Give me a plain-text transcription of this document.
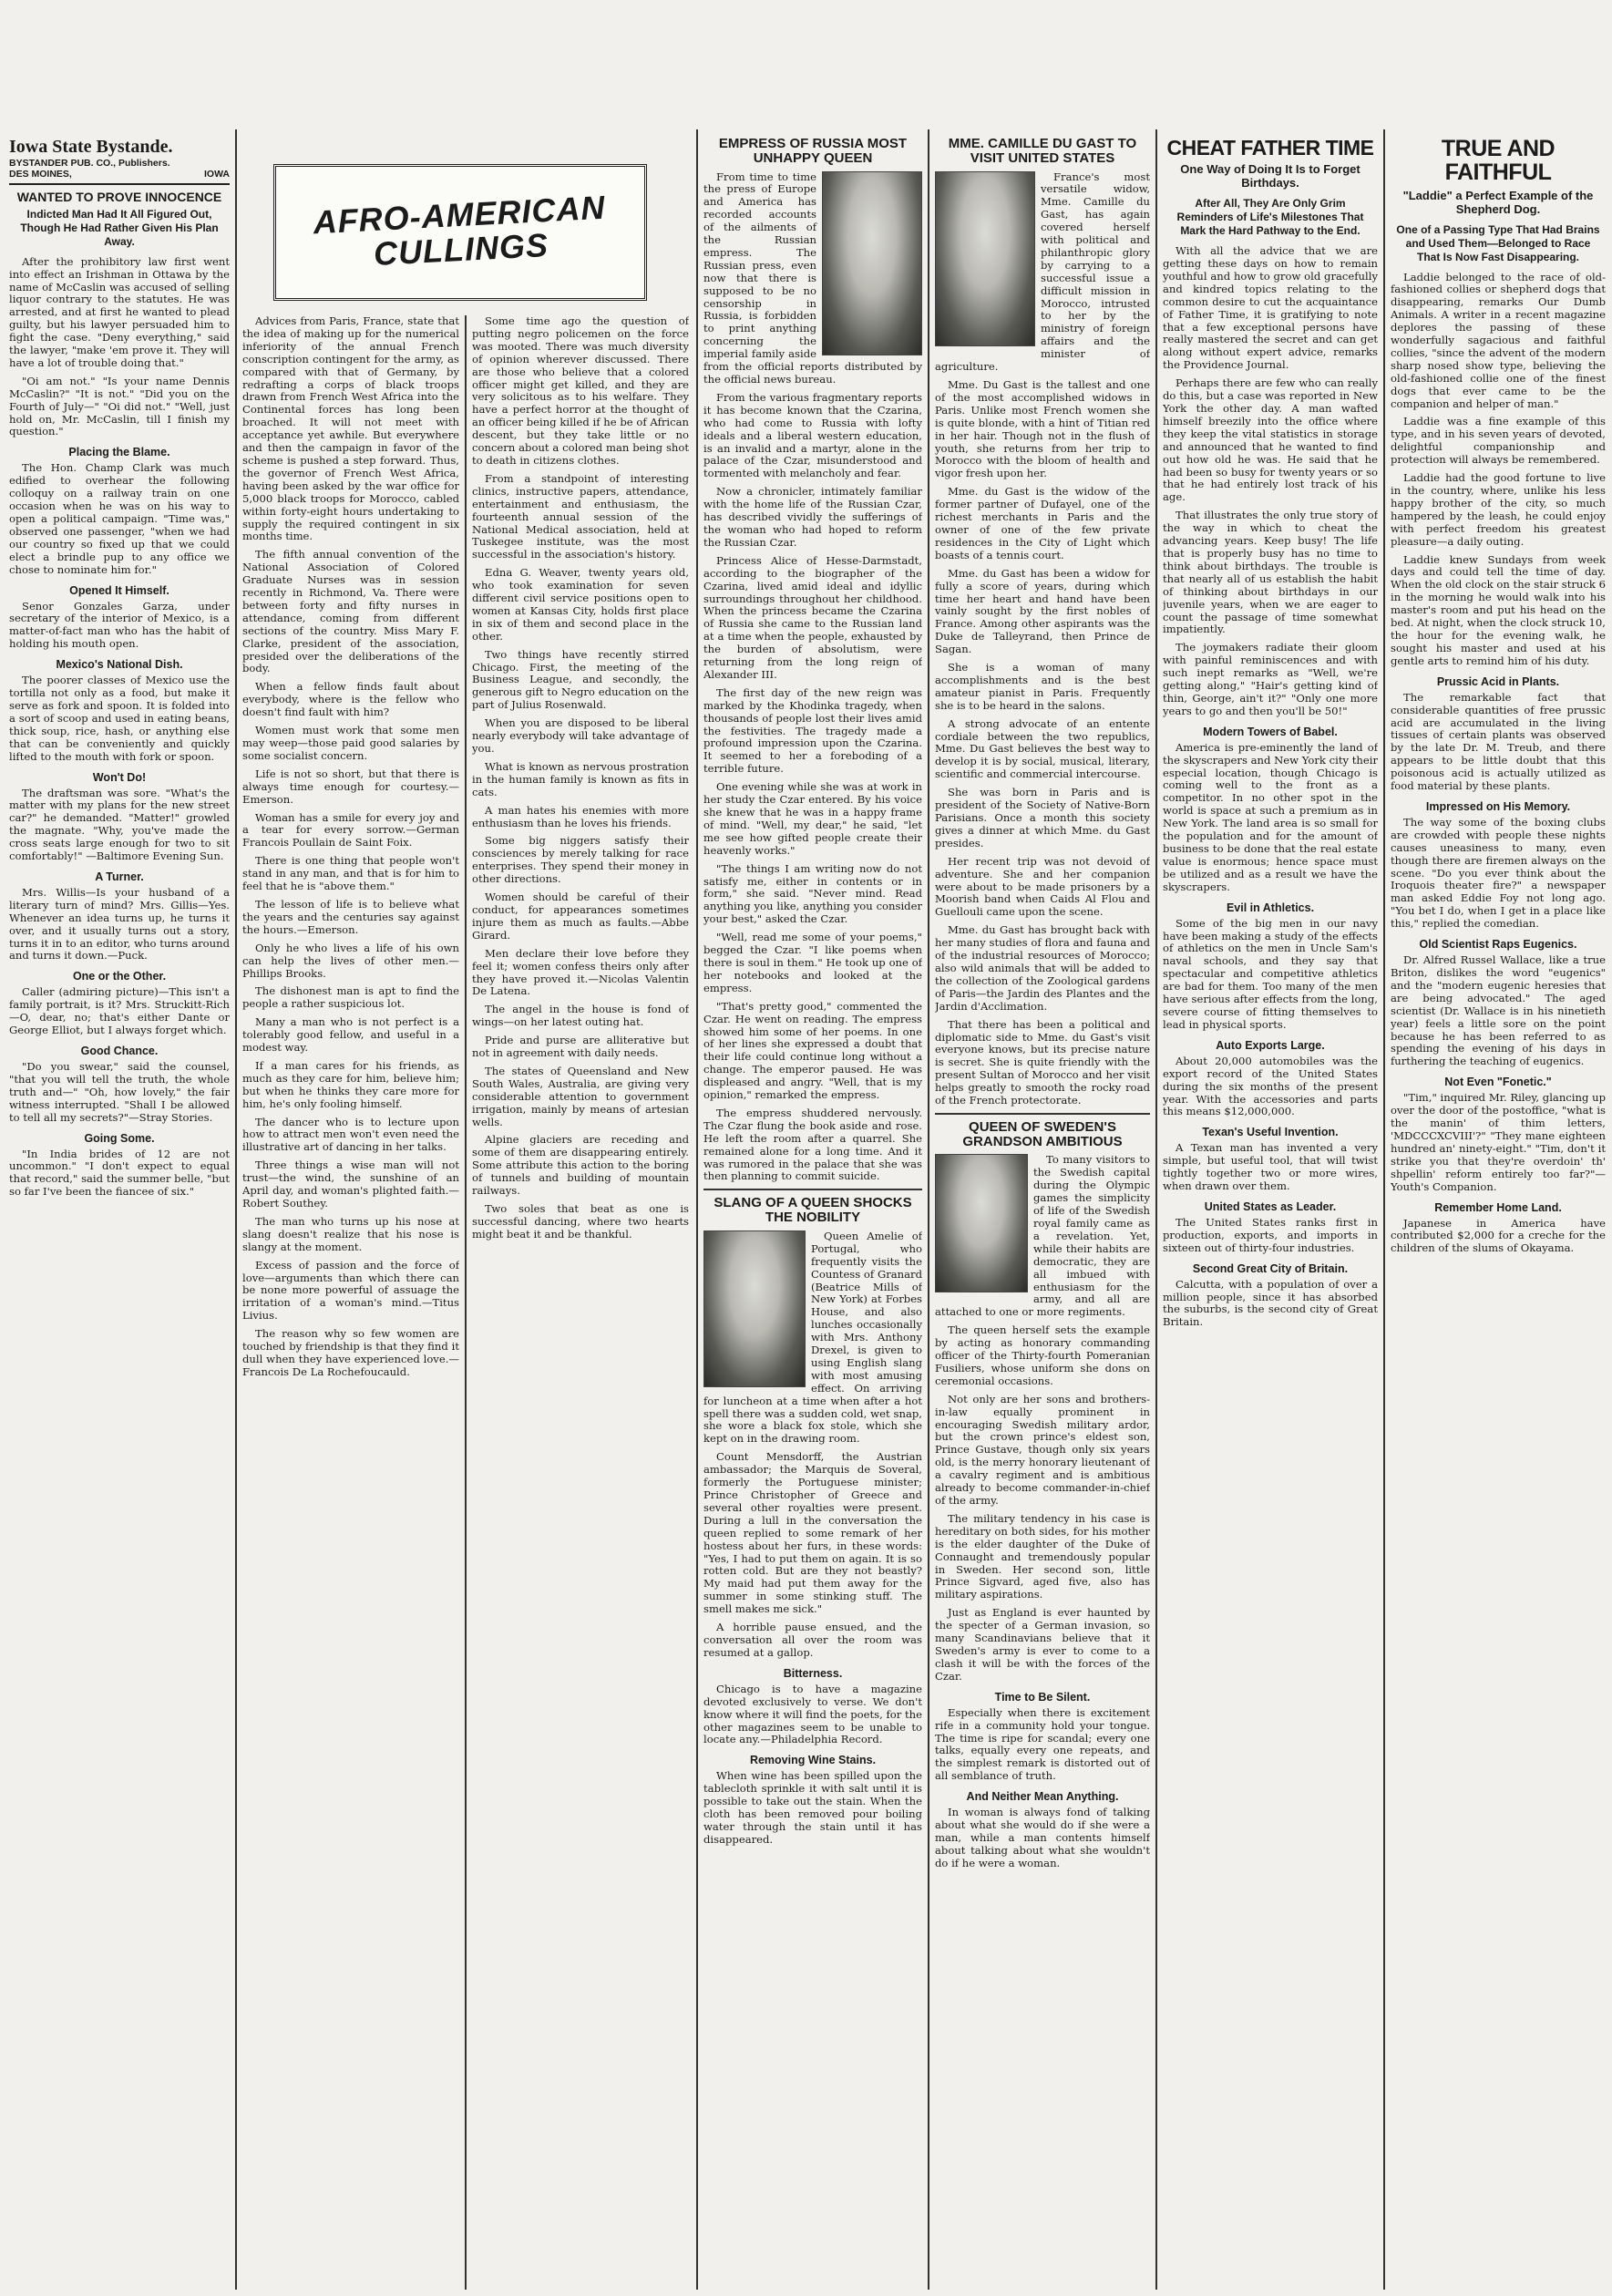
Iowa State Bystande.
BYSTANDER PUB. CO., Publishers.
DES MOINES,	IOWA
WANTED TO PROVE INNOCENCE
Indicted Man Had It All Figured Out, Though He Had Rather Given His Plan Away.

After the prohibitory law first went into effect an Irishman in Ottawa by the name of McCaslin was accused of selling liquor contrary to the statutes. He was arrested, and at first he wanted to plead guilty, but his lawyer persuaded him to fight the case. "Deny everything," said the lawyer, "make 'em prove it. They will have a lot of trouble doing that."

"Oi am not." "Is your name Dennis McCaslin?" "It is not." "Did you on the Fourth of July—" "Oi did not." "Well, just hold on, Mr. McCaslin, till I finish my question."

Placing the Blame.

The Hon. Champ Clark was much edified to overhear the following colloquy on a railway train on one occasion when he was on his way to open a political campaign. "Time was," observed one passenger, "when we had our country so fixed up that we could elect a brindle pup to any office we chose to nominate him for."

Opened It Himself.

Senor Gonzales Garza, under secretary of the interior of Mexico, is a matter-of-fact man who has the habit of holding his mouth open.

Mexico's National Dish.

The poorer classes of Mexico use the tortilla not only as a food, but make it serve as fork and spoon. It is folded into a sort of scoop and used in eating beans, thick soup, rice, hash, or anything else that can be conveniently and quickly lifted to the mouth with fork or spoon.

Won't Do!

The draftsman was sore. "What's the matter with my plans for the new street car?" he demanded. "Matter!" growled the magnate. "Why, you've made the cross seats large enough for two to sit comfortably!" —Baltimore Evening Sun.

A Turner.

Mrs. Willis—Is your husband of a literary turn of mind? Mrs. Gillis—Yes. Whenever an idea turns up, he turns it over, and it usually turns out a story, turns it in to an editor, who turns around and turns it down.—Puck.

One or the Other.

Caller (admiring picture)—This isn't a family portrait, is it? Mrs. Struckitt-Rich—O, dear, no; that's either Dante or George Elliot, but I always forget which.

Good Chance.

"Do you swear," said the counsel, "that you will tell the truth, the whole truth and—" "Oh, how lovely," the fair witness interrupted. "Shall I be allowed to tell all my secrets?"—Stray Stories.

Going Some.

"In India brides of 12 are not uncommon." "I don't expect to equal that record," said the summer belle, "but so far I've been the fiancee of six."

AFRO-AMERICAN CULLINGS

Advices from Paris, France, state that the idea of making up for the numerical inferiority of the annual French conscription contingent for the army, as compared with that of Germany, by redrafting a corps of black troops drawn from French West Africa into the Continental forces has long been broached. It will not meet with acceptance yet awhile. But everywhere and then the campaign in favor of the scheme is pushed a step forward. Thus, the governor of French West Africa, having been asked by the war office for 5,000 black troops for Morocco, cabled within forty-eight hours undertaking to supply the required contingent in six months time.

The fifth annual convention of the National Association of Colored Graduate Nurses was in session recently in Richmond, Va. There were between forty and fifty nurses in attendance, coming from different sections of the country. Miss Mary F. Clarke, president of the association, presided over the deliberations of the body.

When a fellow finds fault about everybody, where is the fellow who doesn't find fault with him?

Women must work that some men may weep—those paid good salaries by some socialist concern.

Life is not so short, but that there is always time enough for courtesy.—Emerson.

Woman has a smile for every joy and a tear for every sorrow.—German Francois Poullain de Saint Foix.

There is one thing that people won't stand in any man, and that is for him to feel that he is "above them."

The lesson of life is to believe what the years and the centuries say against the hours.—Emerson.

Only he who lives a life of his own can help the lives of other men.—Phillips Brooks.

The dishonest man is apt to find the people a rather suspicious lot.

Many a man who is not perfect is a tolerably good fellow, and useful in a modest way.

If a man cares for his friends, as much as they care for him, believe him; but when he thinks they care more for him, he's only fooling himself.

The dancer who is to lecture upon how to attract men won't even need the illustrative art of dancing in her talks.

Three things a wise man will not trust—the wind, the sunshine of an April day, and woman's plighted faith.—Robert Southey.

The man who turns up his nose at slang doesn't realize that his nose is slangy at the moment.

Excess of passion and the force of love—arguments than which there can be none more powerful of assuage the irritation of a woman's mind.—Titus Livius.

The reason why so few women are touched by friendship is that they find it dull when they have experienced love.—Francois De La Rochefoucauld.

Some time ago the question of putting negro policemen on the force was mooted. There was much diversity of opinion wherever discussed. There are those who believe that a colored officer might get killed, and they are very solicitous as to his welfare. They have a perfect horror at the thought of an officer being killed if he be of African descent, but they take little or no concern about a colored man being shot to death in citizens clothes.

From a standpoint of interesting clinics, instructive papers, attendance, entertainment and enthusiasm, the fourteenth annual session of the National Medical association, held at Tuskegee institute, was the most successful in the association's history.

Edna G. Weaver, twenty years old, who took examination for seven different civil service positions open to women at Kansas City, holds first place in six of them and second place in the other.

Two things have recently stirred Chicago. First, the meeting of the Business League, and secondly, the generous gift to Negro education on the part of Julius Rosenwald.

When you are disposed to be liberal nearly everybody will take advantage of you.

What is known as nervous prostration in the human family is known as fits in cats.

A man hates his enemies with more enthusiasm than he loves his friends.

Some big niggers satisfy their consciences by merely talking for race enterprises. They spend their money in other directions.

Women should be careful of their conduct, for appearances sometimes injure them as much as faults.—Abbe Girard.

Men declare their love before they feel it; women confess theirs only after they have proved it.—Nicolas Valentin De Latena.

The angel in the house is fond of wings—on her latest outing hat.

Pride and purse are alliterative but not in agreement with daily needs.

The states of Queensland and New South Wales, Australia, are giving very considerable attention to government irrigation, mainly by means of artesian wells.

Alpine glaciers are receding and some of them are disappearing entirely. Some attribute this action to the boring of tunnels and building of mountain railways.

Two soles that beat as one is successful dancing, where two hearts might beat it and be thankful.

EMPRESS OF RUSSIA MOST UNHAPPY QUEEN

From time to time the press of Europe and America has recorded accounts of the ailments of the Russian empress. The Russian press, even now that there is supposed to be no censorship in Russia, is forbidden to print anything concerning the imperial family aside from the official reports distributed by the official news bureau.

From the various fragmentary reports it has become known that the Czarina, who had come to Russia with lofty ideals and a liberal western education, is an invalid and a martyr, alone in the palace of the Czar, misunderstood and tormented with melancholy and fear.

Now a chronicler, intimately familiar with the home life of the Russian Czar, has described vividly the sufferings of the woman who had hoped to reform the Russian Czar.

Princess Alice of Hesse-Darmstadt, according to the biographer of the Czarina, lived amid ideal and idyllic surroundings throughout her childhood. When the princess became the Czarina of Russia she came to the Russian land at a time when the people, exhausted by the burden of absolutism, were returning from the long reign of Alexander III.

The first day of the new reign was marked by the Khodinka tragedy, when thousands of people lost their lives amid the festivities. The tragedy made a profound impression upon the Czarina. It seemed to her a foreboding of a terrible future.

One evening while she was at work in her study the Czar entered. By his voice she knew that he was in a happy frame of mind. "Well, my dear," he said, "let me see how gifted people create their heavenly works."

"The things I am writing now do not satisfy me, either in contents or in form," she said. "Never mind. Read anything you like, anything you consider your best," asked the Czar.

"Well, read me some of your poems," begged the Czar. "I like poems when there is soul in them." He took up one of her notebooks and looked at the empress.

"That's pretty good," commented the Czar. He went on reading. The empress showed him some of her poems. In one of her lines she expressed a doubt that their life could continue long without a change. The emperor paused. He was displeased and angry. "Well, that is my opinion," remarked the empress.

The empress shuddered nervously. The Czar flung the book aside and rose. He left the room after a quarrel. She remained alone for a long time. And it was rumored in the palace that she was then planning to commit suicide.

SLANG OF A QUEEN SHOCKS THE NOBILITY

Queen Amelie of Portugal, who frequently visits the Countess of Granard (Beatrice Mills of New York) at Forbes House, and also lunches occasionally with Mrs. Anthony Drexel, is given to using English slang with most amusing effect. On arriving for luncheon at a time when after a hot spell there was a sudden cold, wet snap, she wore a black fox stole, which she kept on in the drawing room.

Count Mensdorff, the Austrian ambassador; the Marquis de Soveral, formerly the Portuguese minister; Prince Christopher of Greece and several other royalties were present. During a lull in the conversation the queen replied to some remark of her hostess about her furs, in these words: "Yes, I had to put them on again. It is so rotten cold. But are they not beastly? My maid had put them away for the summer in some stinking stuff. The smell makes me sick."

A horrible pause ensued, and the conversation all over the room was resumed at a gallop.

Bitterness.

Chicago is to have a magazine devoted exclusively to verse. We don't know where it will find the poets, for the other magazines seem to be unable to locate any.—Philadelphia Record.

Removing Wine Stains.

When wine has been spilled upon the tablecloth sprinkle it with salt until it is possible to take out the stain. When the cloth has been removed pour boiling water through the stain until it has disappeared.

MME. CAMILLE DU GAST TO VISIT UNITED STATES

France's most versatile widow, Mme. Camille du Gast, has again covered herself with political and philanthropic glory by carrying to a successful issue a difficult mission in Morocco, intrusted to her by the ministry of foreign affairs and the minister of agriculture.

Mme. Du Gast is the tallest and one of the most accomplished widows in Paris. Unlike most French women she is quite blonde, with a hint of Titian red in her hair. Though not in the flush of youth, she returns from her trip to Morocco with the bloom of health and vigor fresh upon her.

Mme. du Gast is the widow of the former partner of Dufayel, one of the richest merchants in Paris and the owner of one of the few private residences in the City of Light which boasts of a tennis court.

Mme. du Gast has been a widow for fully a score of years, during which time her heart and hand have been vainly sought by the first nobles of France. Among other aspirants was the Duke de Talleyrand, then Prince de Sagan.

She is a woman of many accomplishments and is the best amateur pianist in Paris. Frequently she is to be heard in the salons.

A strong advocate of an entente cordiale between the two republics, Mme. Du Gast believes the best way to develop it is by social, musical, literary, scientific and commercial intercourse.

She was born in Paris and is president of the Society of Native-Born Parisians. Once a month this society gives a dinner at which Mme. du Gast presides.

Her recent trip was not devoid of adventure. She and her companion were about to be made prisoners by a Moorish band when Caids Al Flou and Guellouli came upon the scene.

Mme. du Gast has brought back with her many studies of flora and fauna and of the industrial resources of Morocco; also wild animals that will be added to the collection of the Zoological gardens of Paris—the Jardin des Plantes and the Jardin d'Acclimation.

That there has been a political and diplomatic side to Mme. du Gast's visit everyone knows, but its precise nature is secret. She is quite friendly with the present Sultan of Morocco and her visit helps greatly to smooth the rocky road of the French protectorate.

QUEEN OF SWEDEN'S GRANDSON AMBITIOUS

To many visitors to the Swedish capital during the Olympic games the simplicity of life of the Swedish royal family came as a revelation. Yet, while their habits are democratic, they are all imbued with enthusiasm for the army, and all are attached to one or more regiments.

The queen herself sets the example by acting as honorary commanding officer of the Thirty-fourth Pomeranian Fusiliers, whose uniform she dons on ceremonial occasions.

Not only are her sons and brothers-in-law equally prominent in encouraging Swedish military ardor, but the crown prince's eldest son, Prince Gustave, though only six years old, is the merry honorary lieutenant of a cavalry regiment and is ambitious already to become commander-in-chief of the army.

The military tendency in his case is hereditary on both sides, for his mother is the elder daughter of the Duke of Connaught and tremendously popular in Sweden. Her second son, little Prince Sigvard, aged five, also has military aspirations.

Just as England is ever haunted by the specter of a German invasion, so many Scandinavians believe that it Sweden's army is ever to come to a clash it will be with the forces of the Czar.

Time to Be Silent.

Especially when there is excitement rife in a community hold your tongue. The time is ripe for scandal; every one talks, equally every one repeats, and the simplest remark is distorted out of all semblance of truth.

And Neither Mean Anything.

In woman is always fond of talking about what she would do if she were a man, while a man contents himself about talking about what she wouldn't do if he were a woman.

CHEAT FATHER TIME
One Way of Doing It Is to Forget Birthdays.
After All, They Are Only Grim Reminders of Life's Milestones That Mark the Hard Pathway to the End.

With all the advice that we are getting these days on how to remain youthful and how to grow old gracefully and kindred topics relating to the common desire to cut the acquaintance of Father Time, it is gratifying to note that a few exceptional persons have really mastered the secret and can get along without expert advice, remarks the Providence Journal.

Perhaps there are few who can really do this, but a case was reported in New York the other day. A man wafted himself breezily into the office where they keep the vital statistics in storage and announced that he wanted to find out how old he was. He said that he had been so busy for twenty years or so that he had entirely lost track of his age.

That illustrates the only true story of the way in which to cheat the advancing years. Keep busy! The life that is properly busy has no time to think about birthdays. The trouble is that nearly all of us establish the habit of thinking about birthdays in our juvenile years, when we are eager to count the passage of time somewhat impatiently.

The joymakers radiate their gloom with painful reminiscences and with such inept remarks as "Well, we're getting along," "Hair's getting kind of thin, George, ain't it?" "Only one more years to go and then you'll be 50!"

Modern Towers of Babel.

America is pre-eminently the land of the skyscrapers and New York city their especial location, though Chicago is coming well to the front as a competitor. In no other spot in the world is space at such a premium as in New York. The land area is so small for the population and for the amount of business to be done that the real estate value is enormous; hence space must be utilized and as a result we have the skyscrapers.

Evil in Athletics.

Some of the big men in our navy have been making a study of the effects of athletics on the men in Uncle Sam's naval schools, and they say that spectacular and competitive athletics are bad for them. Too many of the men have serious after effects from the long, severe course of fitting themselves to lead in physical sports.

Auto Exports Large.

About 20,000 automobiles was the export record of the United States during the six months of the present year. With the accessories and parts this means $12,000,000.

Texan's Useful Invention.

A Texan man has invented a very simple, but useful tool, that will twist tightly together two or more wires, when drawn over them.

United States as Leader.

The United States ranks first in production, exports, and imports in sixteen out of thirty-four industries.

Second Great City of Britain.

Calcutta, with a population of over a million people, since it has absorbed the suburbs, is the second city of Great Britain.

TRUE AND FAITHFUL
"Laddie" a Perfect Example of the Shepherd Dog.
One of a Passing Type That Had Brains and Used Them—Belonged to Race That Is Now Fast Disappearing.

Laddie belonged to the race of old-fashioned collies or shepherd dogs that disappearing, remarks Our Dumb Animals. A writer in a recent magazine deplores the passing of these wonderfully sagacious and faithful collies, "since the advent of the modern sharp nosed show type, believing the old-fashioned collie one of the finest dogs that ever came to be the companion and helper of man."

Laddie was a fine example of this type, and in his seven years of devoted, delightful companionship and protection will always be remembered.

Laddie had the good fortune to live in the country, where, unlike his less happy brother of the city, so much hampered by the leash, he could enjoy with perfect freedom his greatest pleasure—a daily outing.

Laddie knew Sundays from week days and could tell the time of day. When the old clock on the stair struck 6 in the morning he would walk into his master's room and put his head on the bed. At night, when the clock struck 10, the hour for the evening walk, he sought his master and used at his gentle arts to remind him of his duty.

Prussic Acid in Plants.

The remarkable fact that considerable quantities of free prussic acid are accumulated in the living tissues of certain plants was observed by the late Dr. M. Treub, and there appears to be little doubt that this poisonous acid is actually utilized as food material by these plants.

Impressed on His Memory.

The way some of the boxing clubs are crowded with people these nights causes uneasiness to many, even though there are firemen always on the scene. "Do you ever think about the Iroquois theater fire?" a newspaper man asked Eddie Foy not long ago. "You bet I do, when I get in a place like this," replied the comedian.

Old Scientist Raps Eugenics.

Dr. Alfred Russel Wallace, like a true Briton, dislikes the word "eugenics" and the "modern eugenic heresies that are being advocated." The aged scientist (Dr. Wallace is in his ninetieth year) feels a little sore on the point because he has been referred to as spending the evening of his days in furthering the teaching of eugenics.

Not Even "Fonetic."

"Tim," inquired Mr. Riley, glancing up over the door of the postoffice, "what is the manin' of thim letters, 'MDCCCXCVIII'?" "They mane eighteen hundred an' ninety-eight." "Tim, don't it strike you that they're overdoin' th' shpellin' reform entirely too far?"—Youth's Companion.

Remember Home Land.

Japanese in America have contributed $2,000 for a creche for the children of the slums of Okayama.
